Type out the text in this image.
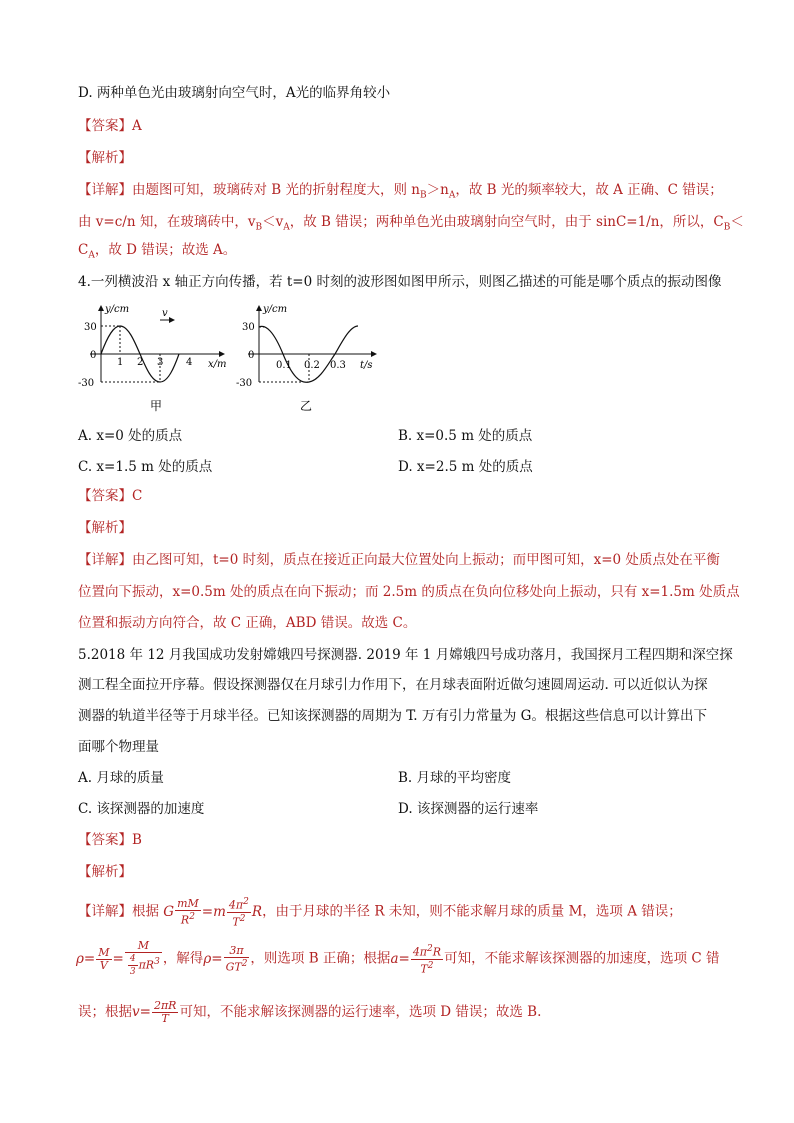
D. 两种单色光由玻璃射向空气时，A光的临界角较小
【答案】A
【解析】
【详解】由题图可知，玻璃砖对 B 光的折射程度大，则 $n_B>n_A$，故 B 光的频率较大，故 A 正确、C 错误；
由 v=c/n 知，在玻璃砖中，$v_B<v_A$，故 B 错误；两种单色光由玻璃射向空气时，由于 sinC=1/n，所以，$C_B<$
$C_A$，故 D 错误；故选 A。
4.一列横波沿 x 轴正方向传播，若 t=0 时刻的波形图如图甲所示，则图乙描述的可能是哪个质点的振动图像
v
y/cm
30
0
-30
1 2 3 4 x/m
甲
y/cm
30
0
-30
0.1 0.2 0.3 t/s
乙
A. x=0 处的质点	B. x=0.5 m 处的质点
C. x=1.5 m 处的质点	D. x=2.5 m 处的质点
【答案】C
【解析】
【详解】由乙图可知，t=0 时刻，质点在接近正向最大位置处向上振动；而甲图可知，x=0 处质点处在平衡
位置向下振动，x=0.5m 处的质点在向下振动；而 2.5m 的质点在负向位移处向上振动，只有 x=1.5m 处质点
位置和振动方向符合，故 C 正确，ABD 错误。故选 C。
5.2018 年 12 月我国成功发射嫦娥四号探测器. 2019 年 1 月嫦娥四号成功落月，我国探月工程四期和深空探
测工程全面拉开序幕。假设探测器仅在月球引力作用下，在月球表面附近做匀速圆周运动. 可以近似认为探
测器的轨道半径等于月球半径。已知该探测器的周期为 T. 万有引力常量为 G。根据这些信息可以计算出下
面哪个物理量
A. 月球的质量	B. 月球的平均密度
C. 该探测器的加速度	D. 该探测器的运行速率
【答案】B
【解析】
【详解】根据 G $\frac{mM}{R^2} =m \frac{4\pi^2}{T^2}$ R，由于月球的半径 R 未知，则不能求解月球的质量 M，选项 A 错误；
$\rho= \frac{M}{V} = \frac{M}{\frac{4}{3} \pi R^3}$ ，解得$\rho= \frac{3\pi}{GT^2}$ ，则选项 B 正确；根据$a= \frac{4\pi^2R}{T^2}$ 可知，不能求解该探测器的加速度，选项 C 错
误；根据$v= \frac{2\pi R}{T}$ 可知，不能求解该探测器的运行速率，选项 D 错误；故选 B.
